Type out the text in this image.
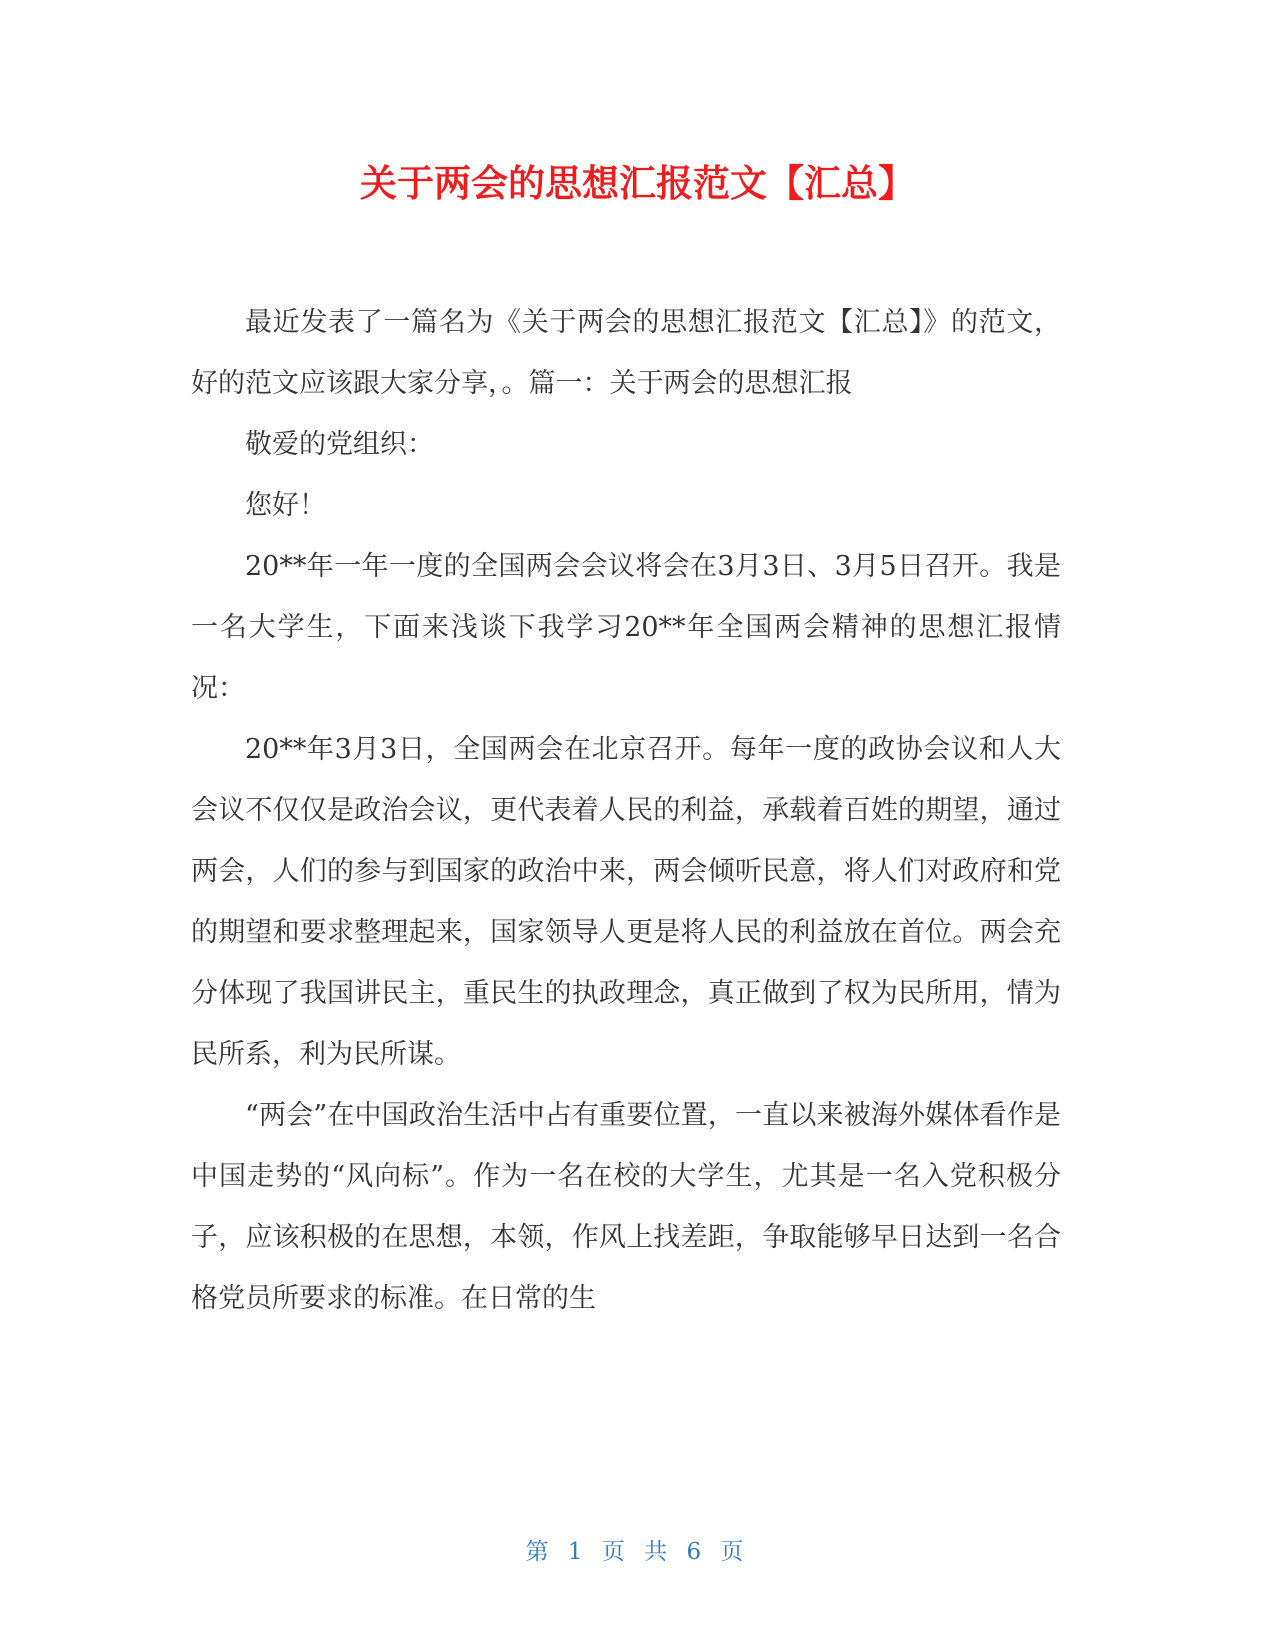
关于两会的思想汇报范文【汇总】

最近发表了一篇名为《关于两会的思想汇报范文【汇总】》的范文，好的范文应该跟大家分享，。篇一：关于两会的思想汇报

敬爱的党组织：

您好！

20**年一年一度的全国两会会议将会在3月3日、3月5日召开。我是一名大学生，下面来浅谈下我学习20**年全国两会精神的思想汇报情况：

20**年3月3日，全国两会在北京召开。每年一度的政协会议和人大会议不仅仅是政治会议，更代表着人民的利益，承载着百姓的期望，通过两会，人们的参与到国家的政治中来，两会倾听民意，将人们对政府和党的期望和要求整理起来，国家领导人更是将人民的利益放在首位。两会充分体现了我国讲民主，重民生的执政理念，真正做到了权为民所用，情为民所系，利为民所谋。

“两会”在中国政治生活中占有重要位置，一直以来被海外媒体看作是中国走势的“风向标”。作为一名在校的大学生，尤其是一名入党积极分子，应该积极的在思想，本领，作风上找差距，争取能够早日达到一名合格党员所要求的标准。在日常的生

第 1 页 共 6 页
